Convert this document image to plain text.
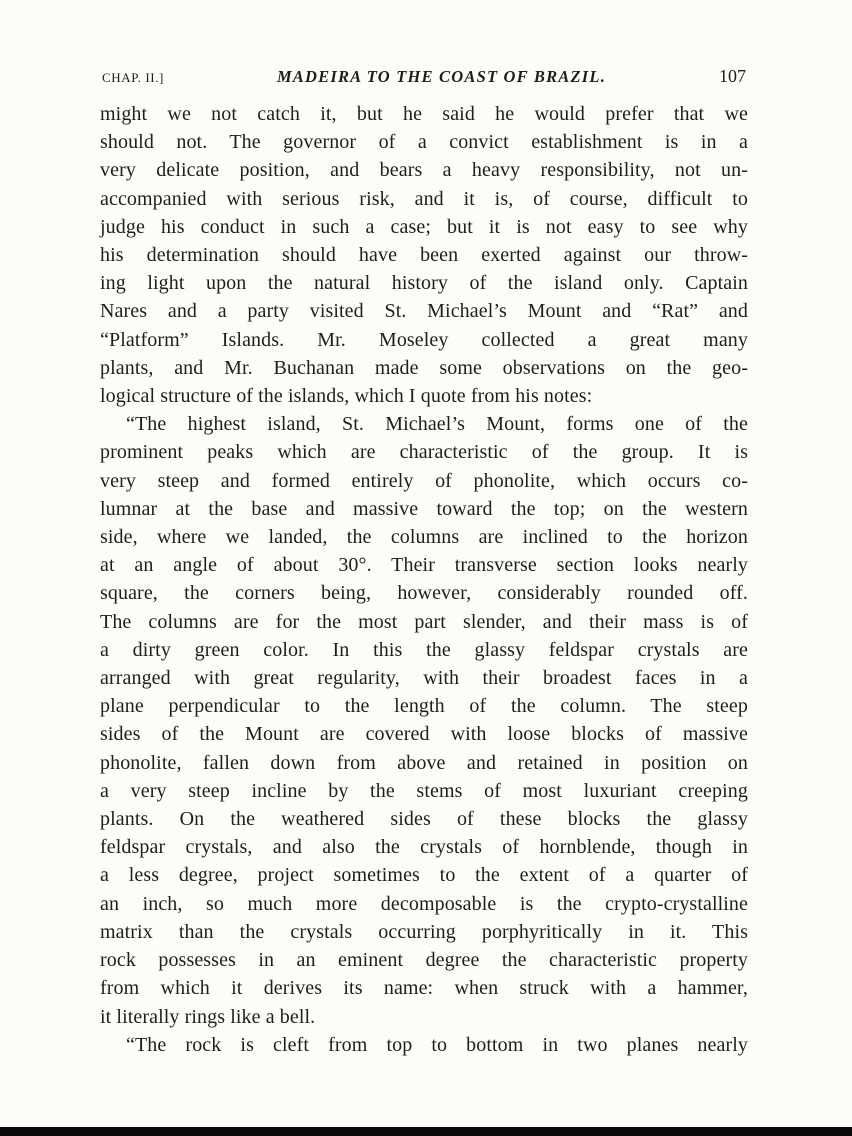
CHAP. II.]	MADEIRA TO THE COAST OF BRAZIL.	107
might we not catch it, but he said he would prefer that we
should not. The governor of a convict establishment is in a
very delicate position, and bears a heavy responsibility, not un-
accompanied with serious risk, and it is, of course, difficult to
judge his conduct in such a case; but it is not easy to see why
his determination should have been exerted against our throw-
ing light upon the natural history of the island only. Captain
Nares and a party visited St. Michael’s Mount and “Rat” and
“Platform” Islands. Mr. Moseley collected a great many
plants, and Mr. Buchanan made some observations on the geo-
logical structure of the islands, which I quote from his notes:
“The highest island, St. Michael’s Mount, forms one of the
prominent peaks which are characteristic of the group. It is
very steep and formed entirely of phonolite, which occurs co-
lumnar at the base and massive toward the top; on the western
side, where we landed, the columns are inclined to the horizon
at an angle of about 30°. Their transverse section looks nearly
square, the corners being, however, considerably rounded off.
The columns are for the most part slender, and their mass is of
a dirty green color. In this the glassy feldspar crystals are
arranged with great regularity, with their broadest faces in a
plane perpendicular to the length of the column. The steep
sides of the Mount are covered with loose blocks of massive
phonolite, fallen down from above and retained in position on
a very steep incline by the stems of most luxuriant creeping
plants. On the weathered sides of these blocks the glassy
feldspar crystals, and also the crystals of hornblende, though in
a less degree, project sometimes to the extent of a quarter of
an inch, so much more decomposable is the crypto-crystalline
matrix than the crystals occurring porphyritically in it. This
rock possesses in an eminent degree the characteristic property
from which it derives its name: when struck with a hammer,
it literally rings like a bell.
“The rock is cleft from top to bottom in two planes nearly
